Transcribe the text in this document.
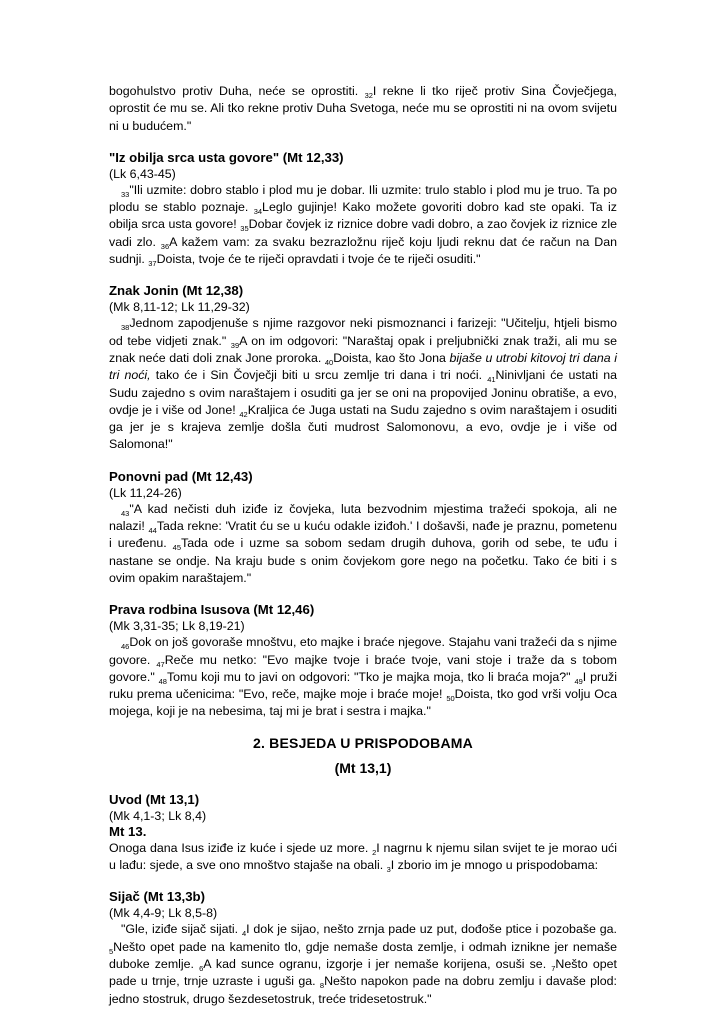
bogohulstvo protiv Duha, neće se oprostiti. $_{32}$I rekne li tko riječ protiv Sina Čovječjega, oprostit će mu se. Ali tko rekne protiv Duha Svetoga, neće mu se oprostiti ni na ovom svijetu ni u budućem."

"Iz obilja srca usta govore" (Mt 12,33)

(Lk 6,43-45)

$_{33}$"Ili uzmite: dobro stablo i plod mu je dobar. Ili uzmite: trulo stablo i plod mu je truo. Ta po plodu se stablo poznaje. $_{34}$Leglo gujinje! Kako možete govoriti dobro kad ste opaki. Ta iz obilja srca usta govore! $_{35}$Dobar čovjek iz riznice dobre vadi dobro, a zao čovjek iz riznice zle vadi zlo. $_{36}$A kažem vam: za svaku bezrazložnu riječ koju ljudi reknu dat će račun na Dan sudnji. $_{37}$Doista, tvoje će te riječi opravdati i tvoje će te riječi osuditi."

Znak Jonin (Mt 12,38)

(Mk 8,11-12; Lk 11,29-32)

$_{38}$Jednom zapodjenuše s njime razgovor neki pismoznanci i farizeji: "Učitelju, htjeli bismo od tebe vidjeti znak." $_{39}$A on im odgovori: "Naraštaj opak i preljubnički znak traži, ali mu se znak neće dati doli znak Jone proroka. $_{40}$Doista, kao što Jona bijaše u utrobi kitovoj tri dana i tri noći, tako će i Sin Čovječji biti u srcu zemlje tri dana i tri noći. $_{41}$Ninivljani će ustati na Sudu zajedno s ovim naraštajem i osuditi ga jer se oni na propovijed Joninu obratiše, a evo, ovdje je i više od Jone! $_{42}$Kraljica će Juga ustati na Sudu zajedno s ovim naraštajem i osuditi ga jer je s krajeva zemlje došla čuti mudrost Salomonovu, a evo, ovdje je i više od Salomona!"

Ponovni pad (Mt 12,43)

(Lk 11,24-26)

$_{43}$"A kad nečisti duh iziđe iz čovjeka, luta bezvodnim mjestima tražeći spokoja, ali ne nalazi! $_{44}$Tada rekne: 'Vratit ću se u kuću odakle iziđoh.' I došavši, nađe je praznu, pometenu i uređenu. $_{45}$Tada ode i uzme sa sobom sedam drugih duhova, gorih od sebe, te uđu i nastane se ondje. Na kraju bude s onim čovjekom gore nego na početku. Tako će biti i s ovim opakim naraštajem."

Prava rodbina Isusova (Mt 12,46)

(Mk 3,31-35; Lk 8,19-21)

$_{46}$Dok on još govoraše mnoštvu, eto majke i braće njegove. Stajahu vani tražeći da s njime govore. $_{47}$Reče mu netko: "Evo majke tvoje i braće tvoje, vani stoje i traže da s tobom govore." $_{48}$Tomu koji mu to javi on odgovori: "Tko je majka moja, tko li braća moja?" $_{49}$I pruži ruku prema učenicima: "Evo, reče, majke moje i braće moje! $_{50}$Doista, tko god vrši volju Oca mojega, koji je na nebesima, taj mi je brat i sestra i majka."

2. BESJEDA U PRISPODOBAMA

(Mt 13,1)

Uvod (Mt 13,1)

(Mk 4,1-3; Lk 8,4)

Mt 13.

Onoga dana Isus iziđe iz kuće i sjede uz more. $_2$I nagrnu k njemu silan svijet te je morao ući u lađu: sjede, a sve ono mnoštvo stajaše na obali. $_3$I zborio im je mnogo u prispodobama:

Sijač (Mt 13,3b)

(Mk 4,4-9; Lk 8,5-8)

"Gle, iziđe sijač sijati. $_4$I dok je sijao, nešto zrnja pade uz put, dođoše ptice i pozobaše ga. $_5$Nešto opet pade na kamenito tlo, gdje nemaše dosta zemlje, i odmah iznikne jer nemaše duboke zemlje. $_6$A kad sunce ogranu, izgorje i jer nemaše korijena, osuši se. $_7$Nešto opet pade u trnje, trnje uzraste i uguši ga. $_8$Nešto napokon pade na dobru zemlju i davaše plod: jedno stostruk, drugo šezdesetostruk, treće tridesetostruk."
